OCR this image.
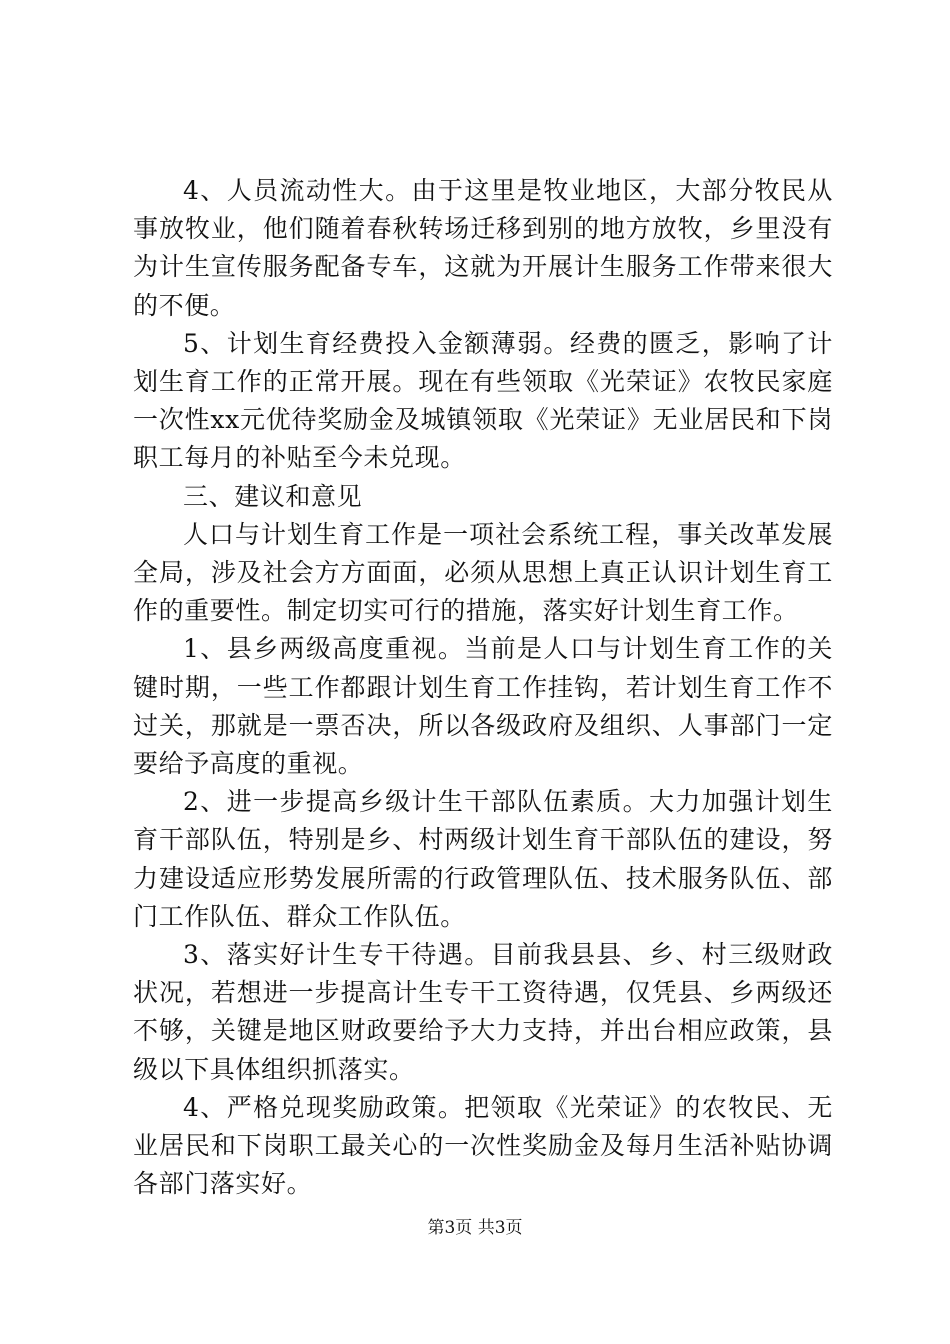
4、人员流动性大。由于这里是牧业地区，大部分牧民从事放牧业，他们随着春秋转场迁移到别的地方放牧，乡里没有为计生宣传服务配备专车，这就为开展计生服务工作带来很大的不便。

5、计划生育经费投入金额薄弱。经费的匮乏，影响了计划生育工作的正常开展。现在有些领取《光荣证》农牧民家庭一次性xx元优待奖励金及城镇领取《光荣证》无业居民和下岗职工每月的补贴至今未兑现。

三、建议和意见

人口与计划生育工作是一项社会系统工程，事关改革发展全局，涉及社会方方面面，必须从思想上真正认识计划生育工作的重要性。制定切实可行的措施，落实好计划生育工作。

1、县乡两级高度重视。当前是人口与计划生育工作的关键时期，一些工作都跟计划生育工作挂钩，若计划生育工作不过关，那就是一票否决，所以各级政府及组织、人事部门一定要给予高度的重视。

2、进一步提高乡级计生干部队伍素质。大力加强计划生育干部队伍，特别是乡、村两级计划生育干部队伍的建设，努力建设适应形势发展所需的行政管理队伍、技术服务队伍、部门工作队伍、群众工作队伍。

3、落实好计生专干待遇。目前我县县、乡、村三级财政状况，若想进一步提高计生专干工资待遇，仅凭县、乡两级还不够，关键是地区财政要给予大力支持，并出台相应政策，县级以下具体组织抓落实。

4、严格兑现奖励政策。把领取《光荣证》的农牧民、无业居民和下岗职工最关心的一次性奖励金及每月生活补贴协调各部门落实好。

第3页 共3页
